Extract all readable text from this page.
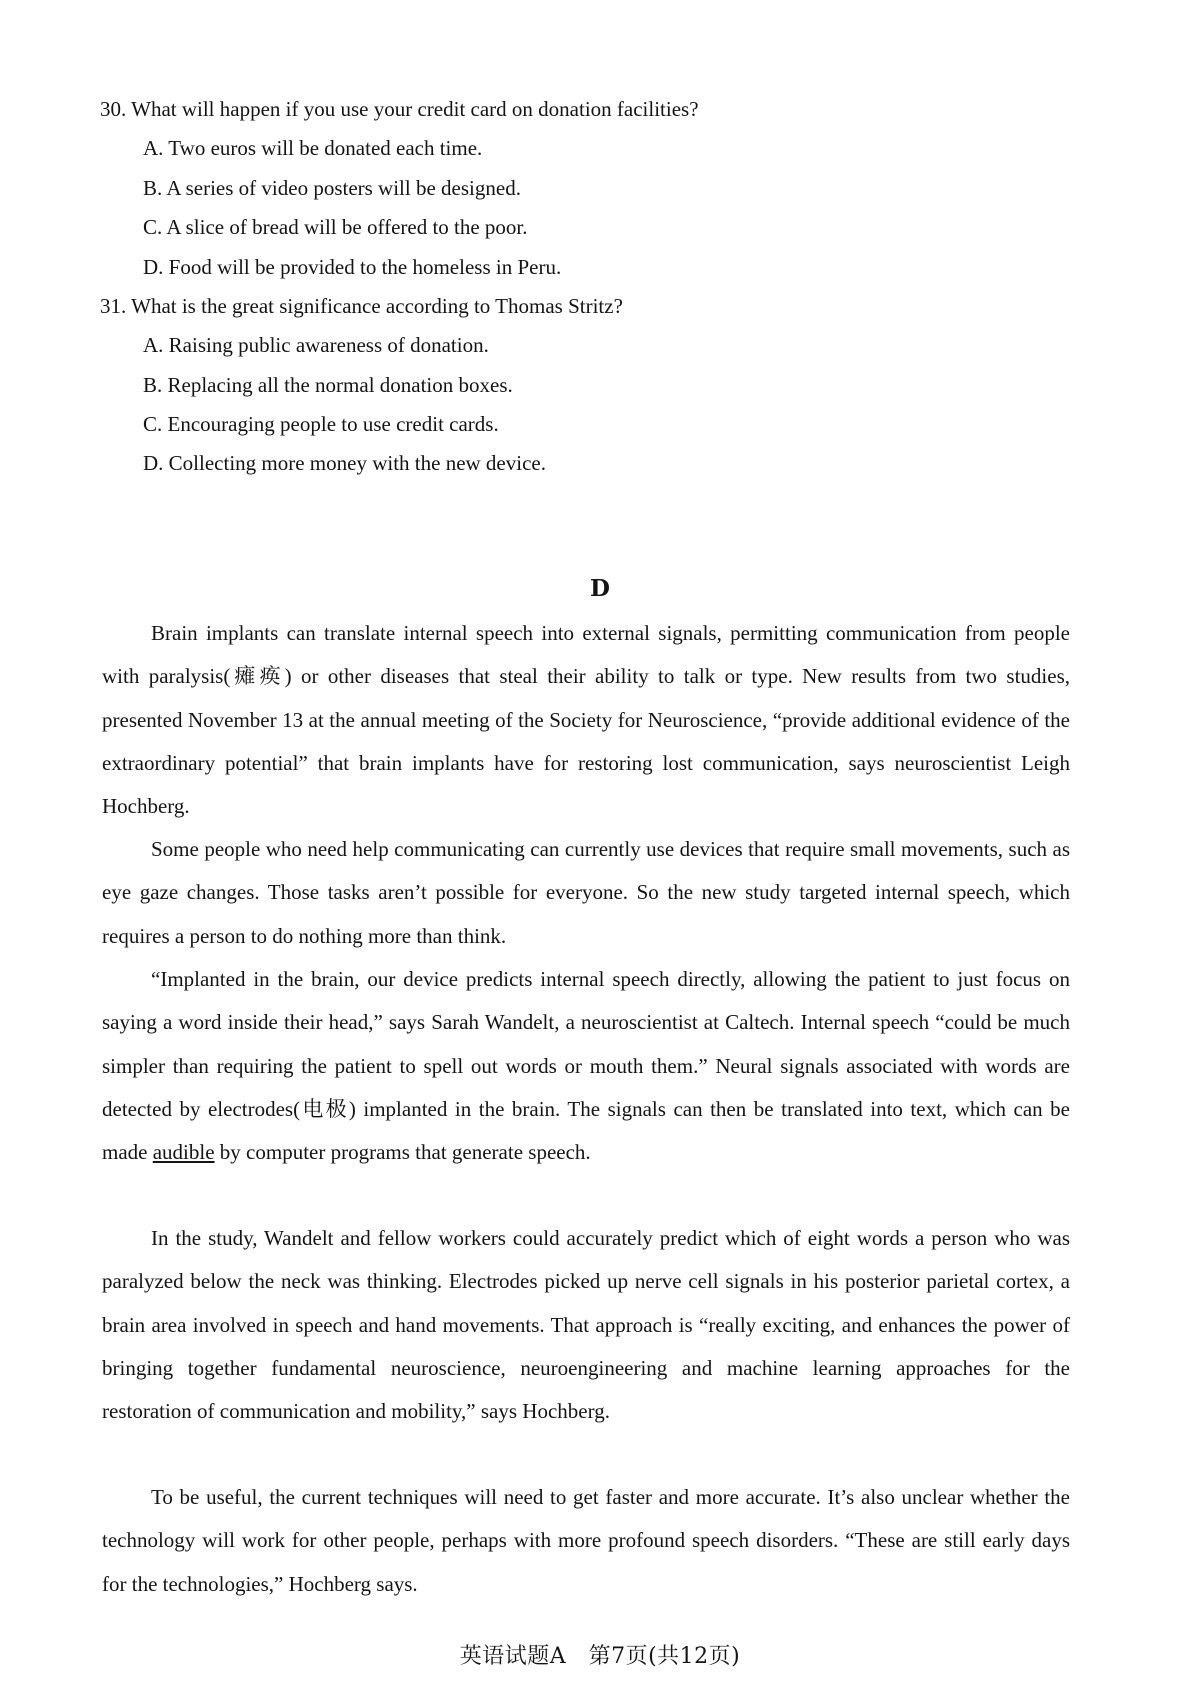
30. What will happen if you use your credit card on donation facilities?
A. Two euros will be donated each time.
B. A series of video posters will be designed.
C. A slice of bread will be offered to the poor.
D. Food will be provided to the homeless in Peru.
31. What is the great significance according to Thomas Stritz?
A. Raising public awareness of donation.
B. Replacing all the normal donation boxes.
C. Encouraging people to use credit cards.
D. Collecting more money with the new device.
D

Brain implants can translate internal speech into external signals, permitting communication from people with paralysis(瘫痪) or other diseases that steal their ability to talk or type. New results from two studies, presented November 13 at the annual meeting of the Society for Neuroscience, “provide additional evidence of the extraordinary potential” that brain implants have for restoring lost communication, says neuroscientist Leigh Hochberg.

Some people who need help communicating can currently use devices that require small movements, such as eye gaze changes. Those tasks aren’t possible for everyone. So the new study targeted internal speech, which requires a person to do nothing more than think.

“Implanted in the brain, our device predicts internal speech directly, allowing the patient to just focus on saying a word inside their head,” says Sarah Wandelt, a neuroscientist at Caltech. Internal speech “could be much simpler than requiring the patient to spell out words or mouth them.” Neural signals associated with words are detected by electrodes(电极) implanted in the brain. The signals can then be translated into text, which can be made audible by computer programs that generate speech.

In the study, Wandelt and fellow workers could accurately predict which of eight words a person who was paralyzed below the neck was thinking. Electrodes picked up nerve cell signals in his posterior parietal cortex, a brain area involved in speech and hand movements. That approach is “really exciting, and enhances the power of bringing together fundamental neuroscience, neuroengineering and machine learning approaches for the restoration of communication and mobility,” says Hochberg.

To be useful, the current techniques will need to get faster and more accurate. It’s also unclear whether the technology will work for other people, perhaps with more profound speech disorders. “These are still early days for the technologies,” Hochberg says.

英语试题A　第7页(共12页)
